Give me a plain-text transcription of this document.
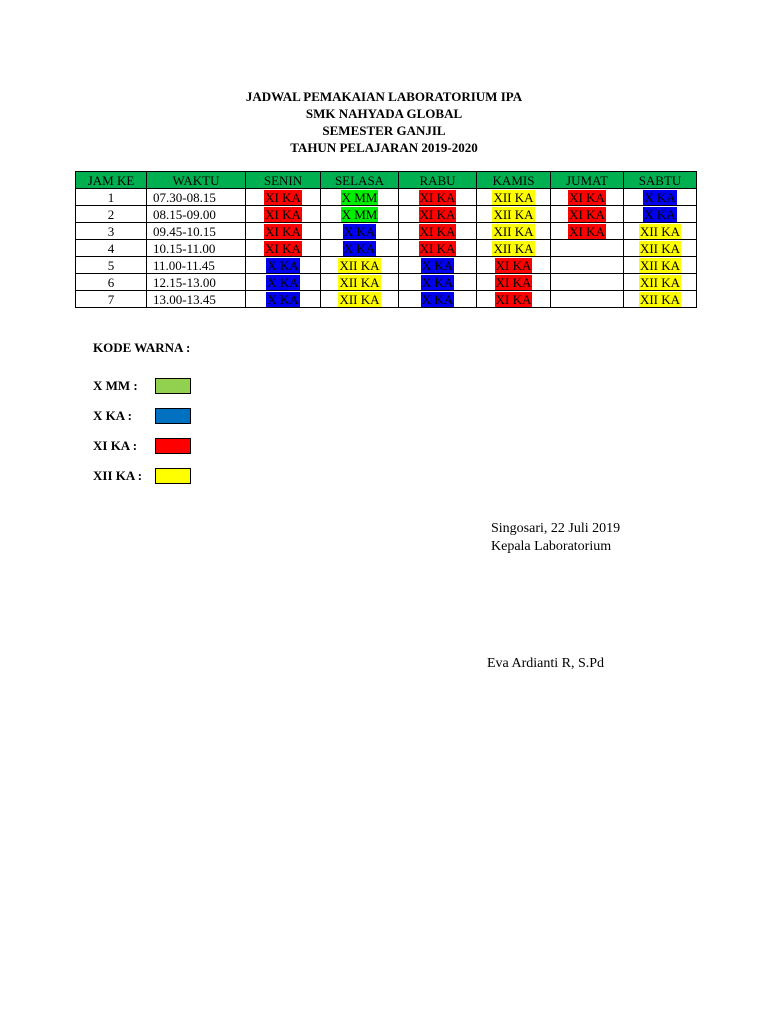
JADWAL PEMAKAIAN LABORATORIUM IPA
SMK NAHYADA GLOBAL
SEMESTER GANJIL
TAHUN PELAJARAN 2019-2020
JAM KE	WAKTU	SENIN	SELASA	RABU	KAMIS	JUMAT	SABTU
1	07.30-08.15	XI KA	X MM	XI KA	XII KA	XI KA	X KA
2	08.15-09.00	XI KA	X MM	XI KA	XII KA	XI KA	X KA
3	09.45-10.15	XI KA	X KA	XI KA	XII KA	XI KA	XII KA
4	10.15-11.00	XI KA	X KA	XI KA	XII KA		XII KA
5	11.00-11.45	X KA	XII KA	X KA	XI KA		XII KA
6	12.15-13.00	X KA	XII KA	X KA	XI KA		XII KA
7	13.00-13.45	X KA	XII KA	X KA	XI KA		XII KA
KODE WARNA :
X MM :
X KA :
XI KA :
XII KA :
Singosari, 22 Juli 2019
Kepala Laboratorium
Eva Ardianti R, S.Pd
